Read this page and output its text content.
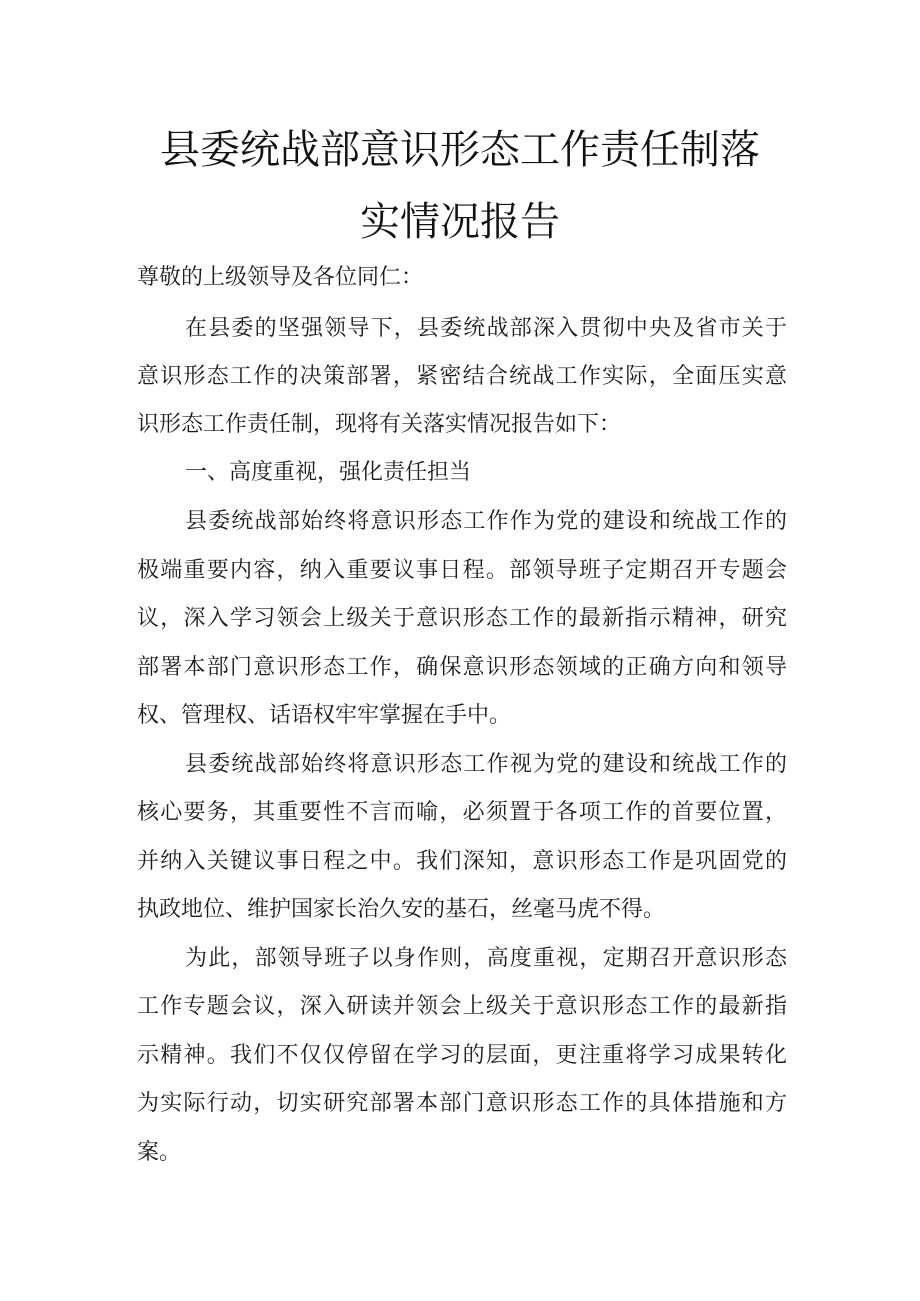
县委统战部意识形态工作责任制落
实情况报告
尊敬的上级领导及各位同仁：
在县委的坚强领导下，县委统战部深入贯彻中央及省市关于
意识形态工作的决策部署，紧密结合统战工作实际，全面压实意
识形态工作责任制，现将有关落实情况报告如下：
一、高度重视，强化责任担当
县委统战部始终将意识形态工作作为党的建设和统战工作的
极端重要内容，纳入重要议事日程。部领导班子定期召开专题会
议，深入学习领会上级关于意识形态工作的最新指示精神，研究
部署本部门意识形态工作，确保意识形态领域的正确方向和领导
权、管理权、话语权牢牢掌握在手中。
县委统战部始终将意识形态工作视为党的建设和统战工作的
核心要务，其重要性不言而喻，必须置于各项工作的首要位置，
并纳入关键议事日程之中。我们深知，意识形态工作是巩固党的
执政地位、维护国家长治久安的基石，丝毫马虎不得。
为此，部领导班子以身作则，高度重视，定期召开意识形态
工作专题会议，深入研读并领会上级关于意识形态工作的最新指
示精神。我们不仅仅停留在学习的层面，更注重将学习成果转化
为实际行动，切实研究部署本部门意识形态工作的具体措施和方
案。
